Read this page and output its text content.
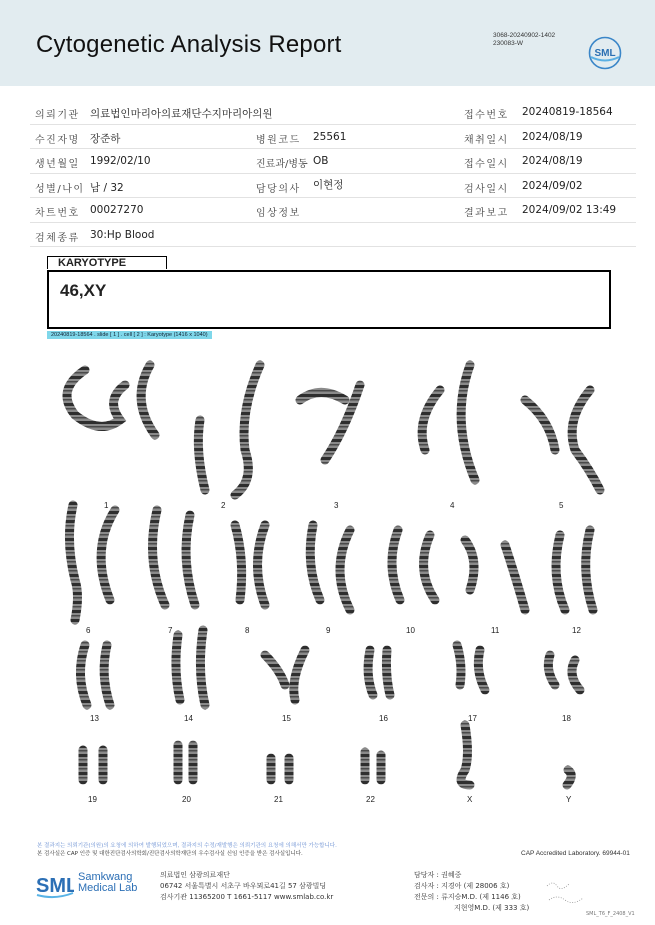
Cytogenetic Analysis Report	3068-20240902-1402
230083-W
SML
의뢰기관 의료법인마리아의료재단수지마리아의원	접수번호 20240819-18564
수진자명 장준하	병원코드 25561	채취일시 2024/08/19
생년월일 1992/02/10	진료과/병동 OB	접수일시 2024/08/19
성별/나이 남 / 32	담당의사 이현정	검사일시 2024/09/02
차트번호 00027270	임상정보	결과보고 2024/09/02 13:49
검체종류 30:Hp Blood
KARYOTYPE
46,XY
20240819-18564 . slide [ 1 ] . cell [ 2 ] : Karyotype (1416 x 1040)
1	2	3	4	5
6	7	8	9	10	11	12
13	14	15	16	17	18
19	20	21	22	X	Y
본 결과지는 의뢰기관(의원)의 요청에 의하여 발행되었으며, 결과지의 수정/재발행은 의뢰기관의 요청에 의해서만 가능합니다.
본 검사실은 CAP 인증 및 대한진단검사의학회/진단검사의학재단의 우수검사실 신임 인증을 받은 검사실입니다.	CAP Accredited Laboratory. 69944-01
SML Samkwang
Medical Lab
의료법인 삼광의료재단
06742 서울특별시 서초구 바우뫼로41길 57 삼광빌딩
검사기관 11365200 T 1661-5117 www.smlab.co.kr
담당자 : 권혜중
검사자 : 지경아 (제 28006 호)
전문의 : 류지승M.D. (제 1146 호)
지현영M.D. (제 333 호)
SML_T6_F_2408_V1
